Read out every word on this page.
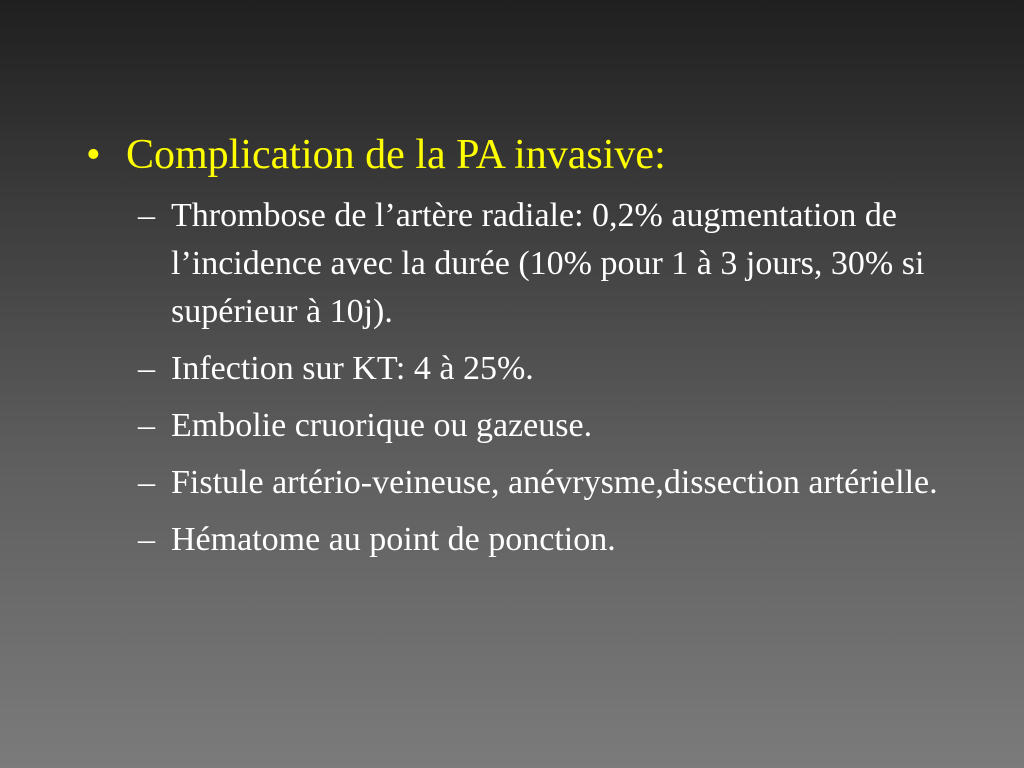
• Complication de la PA invasive:
– Thrombose de l’artère radiale: 0,2% augmentation de l’incidence avec la durée (10% pour 1 à 3 jours, 30% si supérieur à 10j).
– Infection sur KT: 4 à 25%.
– Embolie cruorique ou gazeuse.
– Fistule artério-veineuse, anévrysme,dissection artérielle.
– Hématome au point de ponction.
